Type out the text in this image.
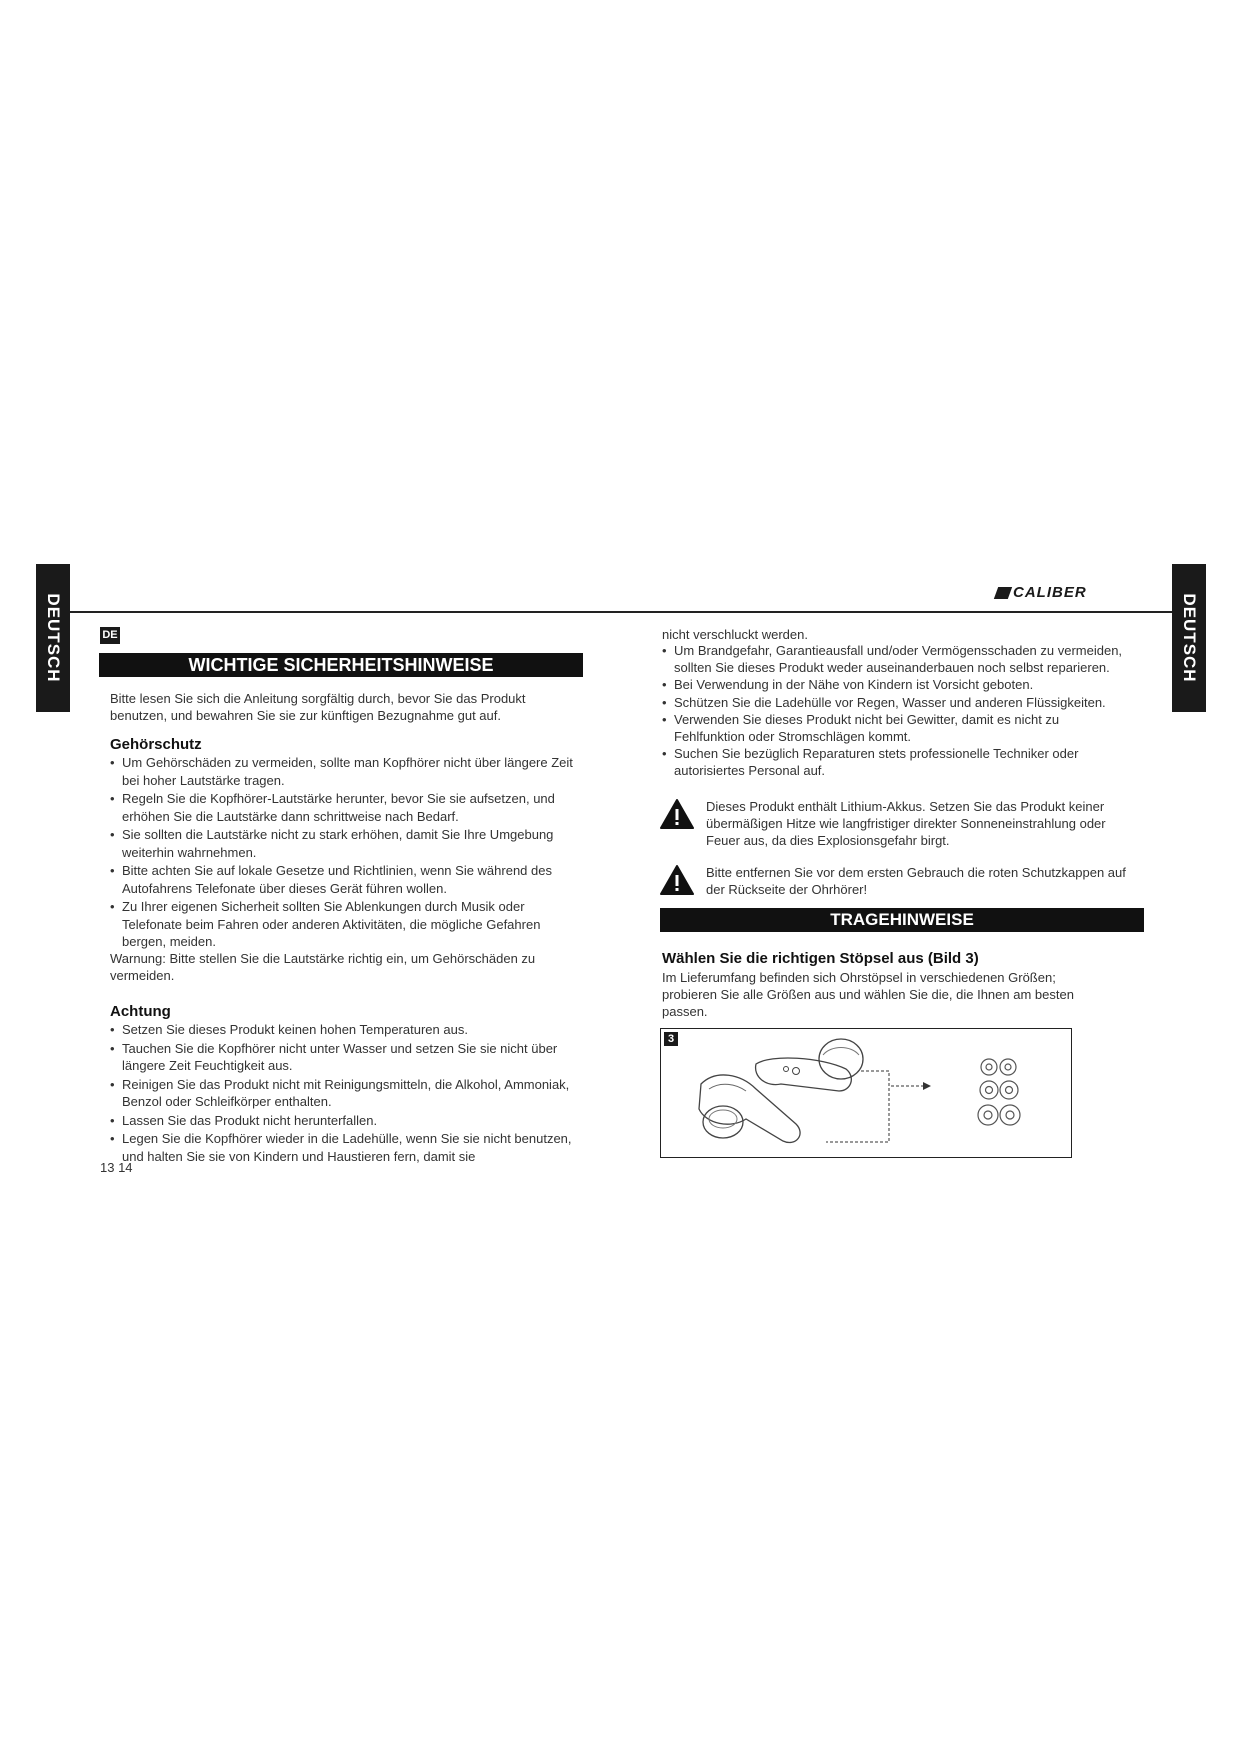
DEUTSCH	DEUTSCH
CALIBER
DE
WICHTIGE SICHERHEITSHINWEISE
Bitte lesen Sie sich die Anleitung sorgfältig durch, bevor Sie das Produkt benutzen, und bewahren Sie sie zur künftigen Bezugnahme gut auf.
Gehörschutz
• Um Gehörschäden zu vermeiden, sollte man Kopfhörer nicht über längere Zeit bei hoher Lautstärke tragen.
• Regeln Sie die Kopfhörer-Lautstärke herunter, bevor Sie sie aufsetzen, und erhöhen Sie die Lautstärke dann schrittweise nach Bedarf.
• Sie sollten die Lautstärke nicht zu stark erhöhen, damit Sie Ihre Umgebung weiterhin wahrnehmen.
• Bitte achten Sie auf lokale Gesetze und Richtlinien, wenn Sie während des Autofahrens Telefonate über dieses Gerät führen wollen.
• Zu Ihrer eigenen Sicherheit sollten Sie Ablenkungen durch Musik oder Telefonate beim Fahren oder anderen Aktivitäten, die mögliche Gefahren bergen, meiden.
Warnung: Bitte stellen Sie die Lautstärke richtig ein, um Gehörschäden zu vermeiden.
Achtung
• Setzen Sie dieses Produkt keinen hohen Temperaturen aus.
• Tauchen Sie die Kopfhörer nicht unter Wasser und setzen Sie sie nicht über längere Zeit Feuchtigkeit aus.
• Reinigen Sie das Produkt nicht mit Reinigungsmitteln, die Alkohol, Ammoniak, Benzol oder Schleifkörper enthalten.
• Lassen Sie das Produkt nicht herunterfallen.
• Legen Sie die Kopfhörer wieder in die Ladehülle, wenn Sie sie nicht benutzen, und halten Sie sie von Kindern und Haustieren fern, damit sie
13 14
nicht verschluckt werden.
• Um Brandgefahr, Garantieausfall und/oder Vermögensschaden zu vermeiden, sollten Sie dieses Produkt weder auseinanderbauen noch selbst reparieren.
• Bei Verwendung in der Nähe von Kindern ist Vorsicht geboten.
• Schützen Sie die Ladehülle vor Regen, Wasser und anderen Flüssigkeiten.
• Verwenden Sie dieses Produkt nicht bei Gewitter, damit es nicht zu Fehlfunktion oder Stromschlägen kommt.
• Suchen Sie bezüglich Reparaturen stets professionelle Techniker oder autorisiertes Personal auf.
Dieses Produkt enthält Lithium-Akkus. Setzen Sie das Produkt keiner übermäßigen Hitze wie langfristiger direkter Sonneneinstrahlung oder Feuer aus, da dies Explosionsgefahr birgt.
Bitte entfernen Sie vor dem ersten Gebrauch die roten Schutzkappen auf der Rückseite der Ohrhörer!
TRAGEHINWEISE
Wählen Sie die richtigen Stöpsel aus (Bild 3)
Im Lieferumfang befinden sich Ohrstöpsel in verschiedenen Größen; probieren Sie alle Größen aus und wählen Sie die, die Ihnen am besten passen.
3
